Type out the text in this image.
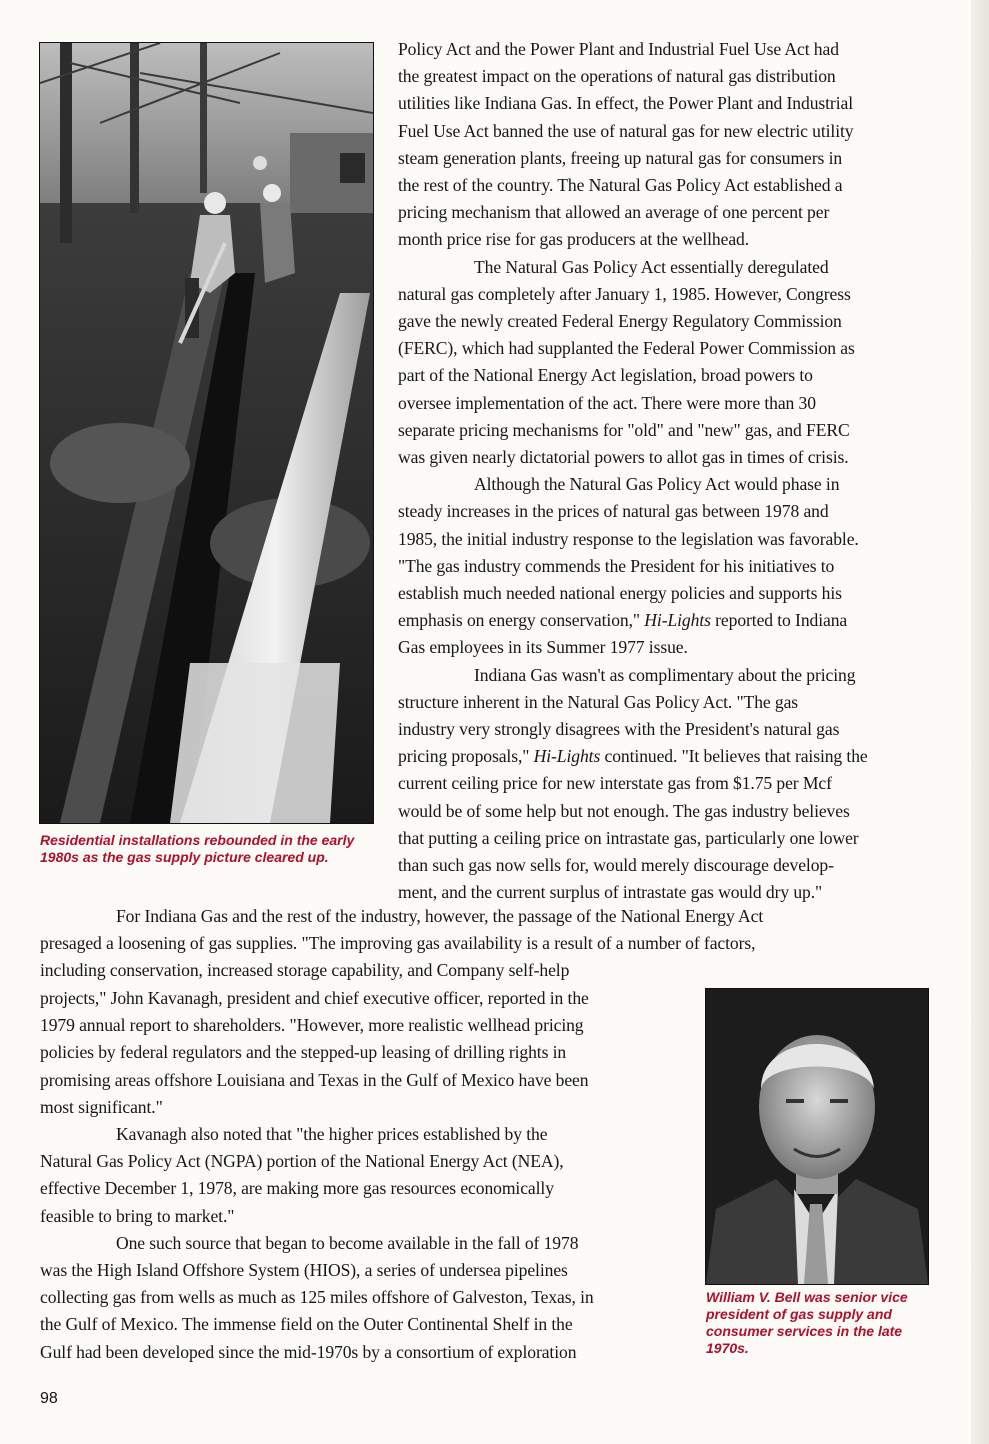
Residential installations rebounded in the early 1980s as the gas supply picture cleared up.
William V. Bell was senior vice president of gas supply and consumer services in the late 1970s.
Policy Act and the Power Plant and Industrial Fuel Use Act had
the greatest impact on the operations of natural gas distribution
utilities like Indiana Gas. In effect, the Power Plant and Industrial
Fuel Use Act banned the use of natural gas for new electric utility
steam generation plants, freeing up natural gas for consumers in
the rest of the country. The Natural Gas Policy Act established a
pricing mechanism that allowed an average of one percent per
month price rise for gas producers at the wellhead.
The Natural Gas Policy Act essentially deregulated
natural gas completely after January 1, 1985. However, Congress
gave the newly created Federal Energy Regulatory Commission
(FERC), which had supplanted the Federal Power Commission as
part of the National Energy Act legislation, broad powers to
oversee implementation of the act. There were more than 30
separate pricing mechanisms for "old" and "new" gas, and FERC
was given nearly dictatorial powers to allot gas in times of crisis.
Although the Natural Gas Policy Act would phase in
steady increases in the prices of natural gas between 1978 and
1985, the initial industry response to the legislation was favorable.
"The gas industry commends the President for his initiatives to
establish much needed national energy policies and supports his
emphasis on energy conservation," Hi-Lights reported to Indiana
Gas employees in its Summer 1977 issue.
Indiana Gas wasn't as complimentary about the pricing
structure inherent in the Natural Gas Policy Act. "The gas
industry very strongly disagrees with the President's natural gas
pricing proposals," Hi-Lights continued. "It believes that raising the
current ceiling price for new interstate gas from $1.75 per Mcf
would be of some help but not enough. The gas industry believes
that putting a ceiling price on intrastate gas, particularly one lower
than such gas now sells for, would merely discourage develop-
ment, and the current surplus of intrastate gas would dry up."
For Indiana Gas and the rest of the industry, however, the passage of the National Energy Act
presaged a loosening of gas supplies. "The improving gas availability is a result of a number of factors,
including conservation, increased storage capability, and Company self-help
projects," John Kavanagh, president and chief executive officer, reported in the
1979 annual report to shareholders. "However, more realistic wellhead pricing
policies by federal regulators and the stepped-up leasing of drilling rights in
promising areas offshore Louisiana and Texas in the Gulf of Mexico have been
most significant."
Kavanagh also noted that "the higher prices established by the
Natural Gas Policy Act (NGPA) portion of the National Energy Act (NEA),
effective December 1, 1978, are making more gas resources economically
feasible to bring to market."
One such source that began to become available in the fall of 1978
was the High Island Offshore System (HIOS), a series of undersea pipelines
collecting gas from wells as much as 125 miles offshore of Galveston, Texas, in
the Gulf of Mexico. The immense field on the Outer Continental Shelf in the
Gulf had been developed since the mid-1970s by a consortium of exploration
98
